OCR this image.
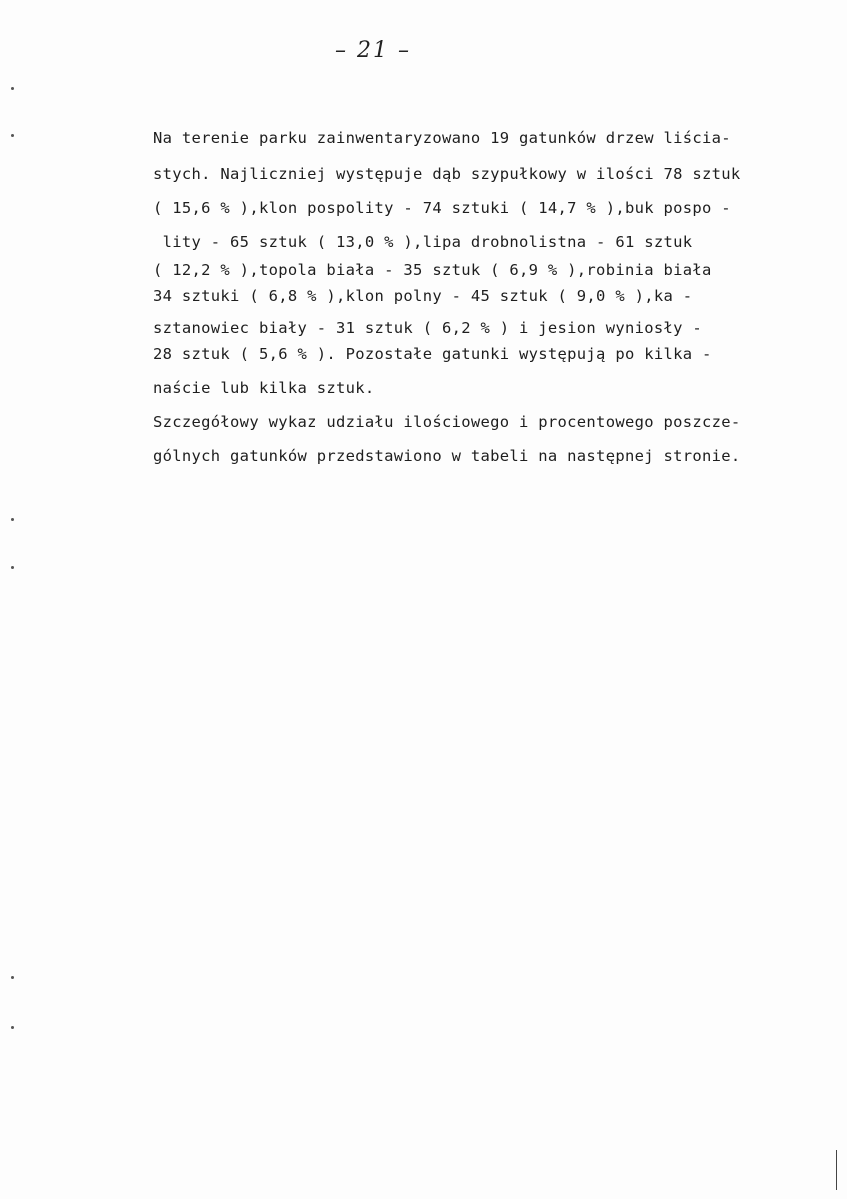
– 21 –
Na terenie parku zainwentaryzowano 19 gatunków drzew liścia-
stych. Najliczniej występuje dąb szypułkowy w ilości 78 sztuk
( 15,6 % ),klon pospolity - 74 sztuki ( 14,7 % ),buk pospo -
lity - 65 sztuk ( 13,0 % ),lipa drobnolistna - 61 sztuk
( 12,2 % ),topola biała - 35 sztuk ( 6,9 % ),robinia biała
34 sztuki ( 6,8 % ),klon polny - 45 sztuk ( 9,0 % ),ka -
sztanowiec biały - 31 sztuk ( 6,2 % ) i jesion wyniosły -
28 sztuk ( 5,6 % ). Pozostałe gatunki występują po kilka -
naście lub kilka sztuk.
Szczegółowy wykaz udziału ilościowego i procentowego poszcze-
gólnych gatunków przedstawiono w tabeli na następnej stronie.
